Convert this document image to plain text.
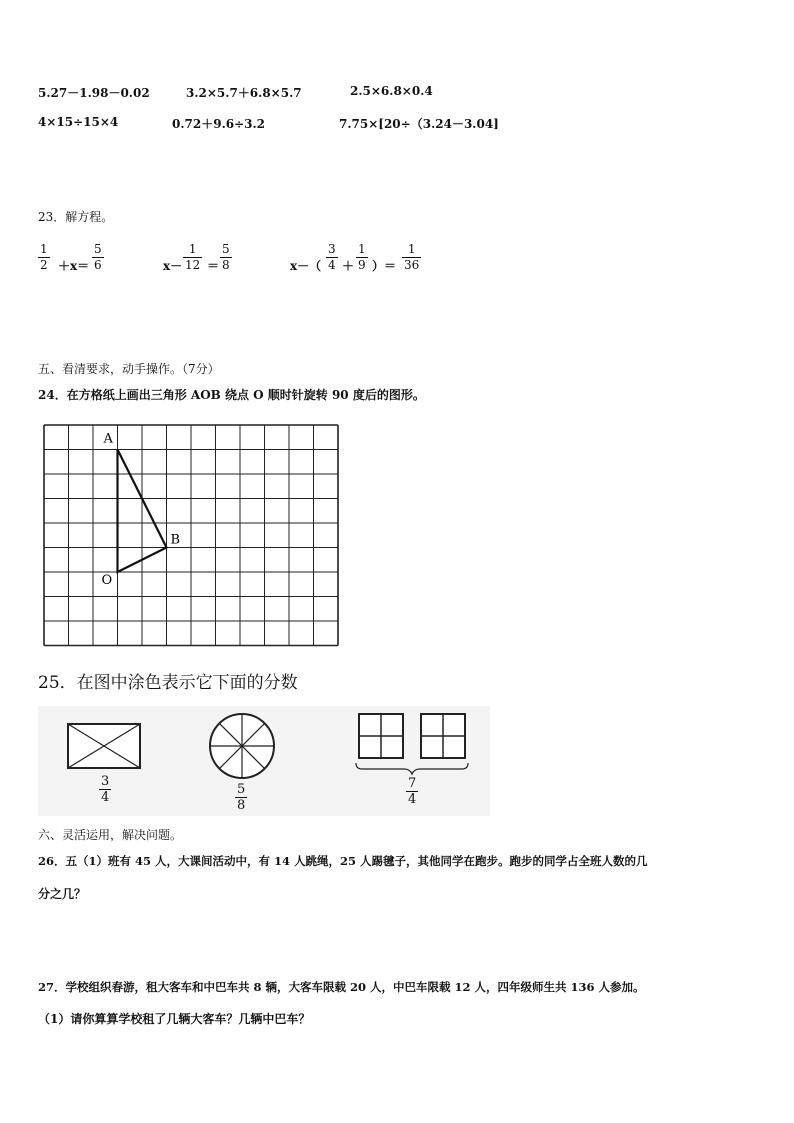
5.27－1.98－0.02	3.2×5.7＋6.8×5.7	2.5×6.8×0.4
4×15÷15×4	0.72＋9.6÷3.2	7.75×[20÷（3.24－3.04]
23．解方程。
$\frac{1}{2} +x= \frac{5}{6}$	$x- \frac{1}{12} = \frac{5}{8}$	$x-( \frac{3}{4} + \frac{1}{9}$ ）＝ $\frac{1}{36}$
五、看清要求，动手操作。（7分）
24．在方格纸上画出三角形 AOB 绕点 O 顺时针旋转 90 度后的图形。
A
B
O
25．在图中涂色表示它下面的分数
$\frac{3}{4}$	$\frac{5}{8}$	$\frac{7}{4}$
六、灵活运用，解决问题。
26．五（1）班有 45 人，大课间活动中，有 14 人跳绳，25 人踢毽子，其他同学在跑步。跑步的同学占全班人数的几
分之几？
27．学校组织春游，租大客车和中巴车共 8 辆，大客车限载 20 人，中巴车限载 12 人，四年级师生共 136 人参加。
（1）请你算算学校租了几辆大客车？几辆中巴车？
